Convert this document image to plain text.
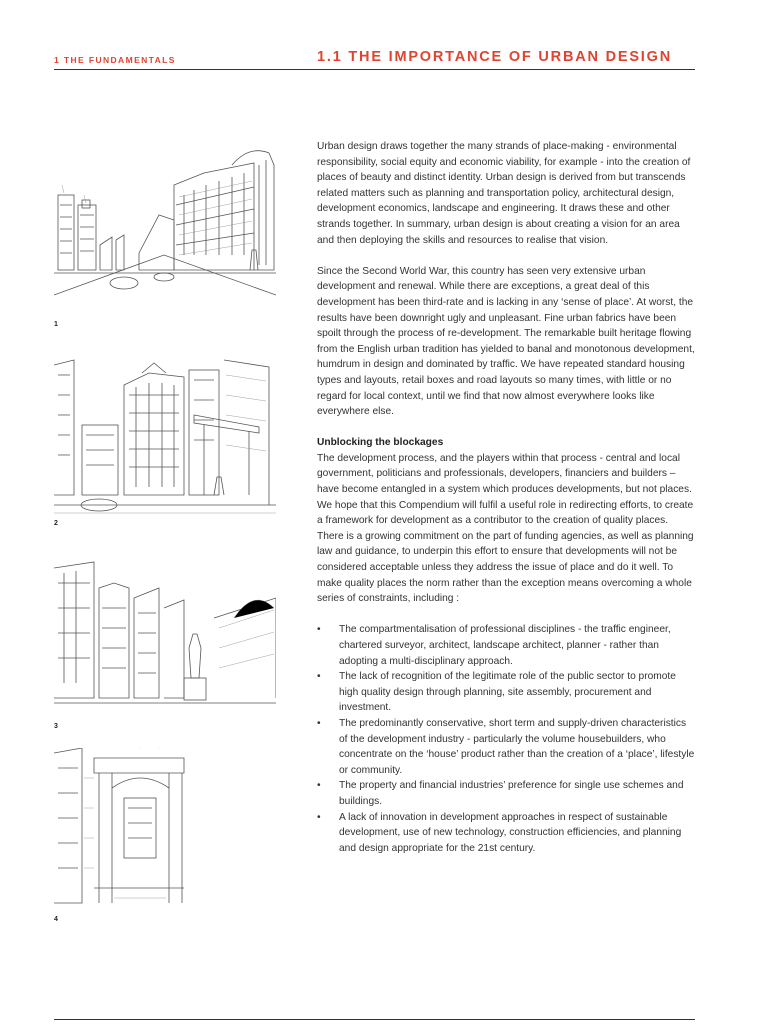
1 THE FUNDAMENTALS	1.1 THE IMPORTANCE OF URBAN DESIGN
1
2
3
4

Urban design draws together the many strands of place-making - environmental responsibility, social equity and economic viability, for example - into the creation of places of beauty and distinct identity. Urban design is derived from but transcends related matters such as planning and transportation policy, architectural design, development economics, landscape and engineering. It draws these and other strands together. In summary, urban design is about creating a vision for an area and then deploying the skills and resources to realise that vision.

Since the Second World War, this country has seen very extensive urban development and renewal. While there are exceptions, a great deal of this development has been third-rate and is lacking in any ‘sense of place’. At worst, the results have been downright ugly and unpleasant. Fine urban fabrics have been spoilt through the process of re-development. The remarkable built heritage flowing from the English urban tradition has yielded to banal and monotonous development, humdrum in design and dominated by traffic. We have repeated standard housing types and layouts, retail boxes and road layouts so many times, with little or no regard for local context, until we find that now almost everywhere looks like everywhere else.

Unblocking the blockages

The development process, and the players within that process - central and local government, politicians and professionals, developers, financiers and builders – have become entangled in a system which produces developments, but not places. We hope that this Compendium will fulfil a useful role in redirecting efforts, to create a framework for development as a contributor to the creation of quality places. There is a growing commitment on the part of funding agencies, as well as planning law and guidance, to underpin this effort to ensure that developments will not be considered acceptable unless they address the issue of place and do it well. To make quality places the norm rather than the exception means overcoming a whole series of constraints, including :

• The compartmentalisation of professional disciplines - the traffic engineer, chartered surveyor, architect, landscape architect, planner - rather than adopting a multi-disciplinary approach.
• The lack of recognition of the legitimate role of the public sector to promote high quality design through planning, site assembly, procurement and investment.
• The predominantly conservative, short term and supply-driven characteristics of the development industry - particularly the volume housebuilders, who concentrate on the ‘house’ product rather than the creation of a ‘place’, lifestyle or community.
• The property and financial industries’ preference for single use schemes and buildings.
• A lack of innovation in development approaches in respect of sustainable development, use of new technology, construction efficiencies, and planning and design appropriate for the 21st century.
